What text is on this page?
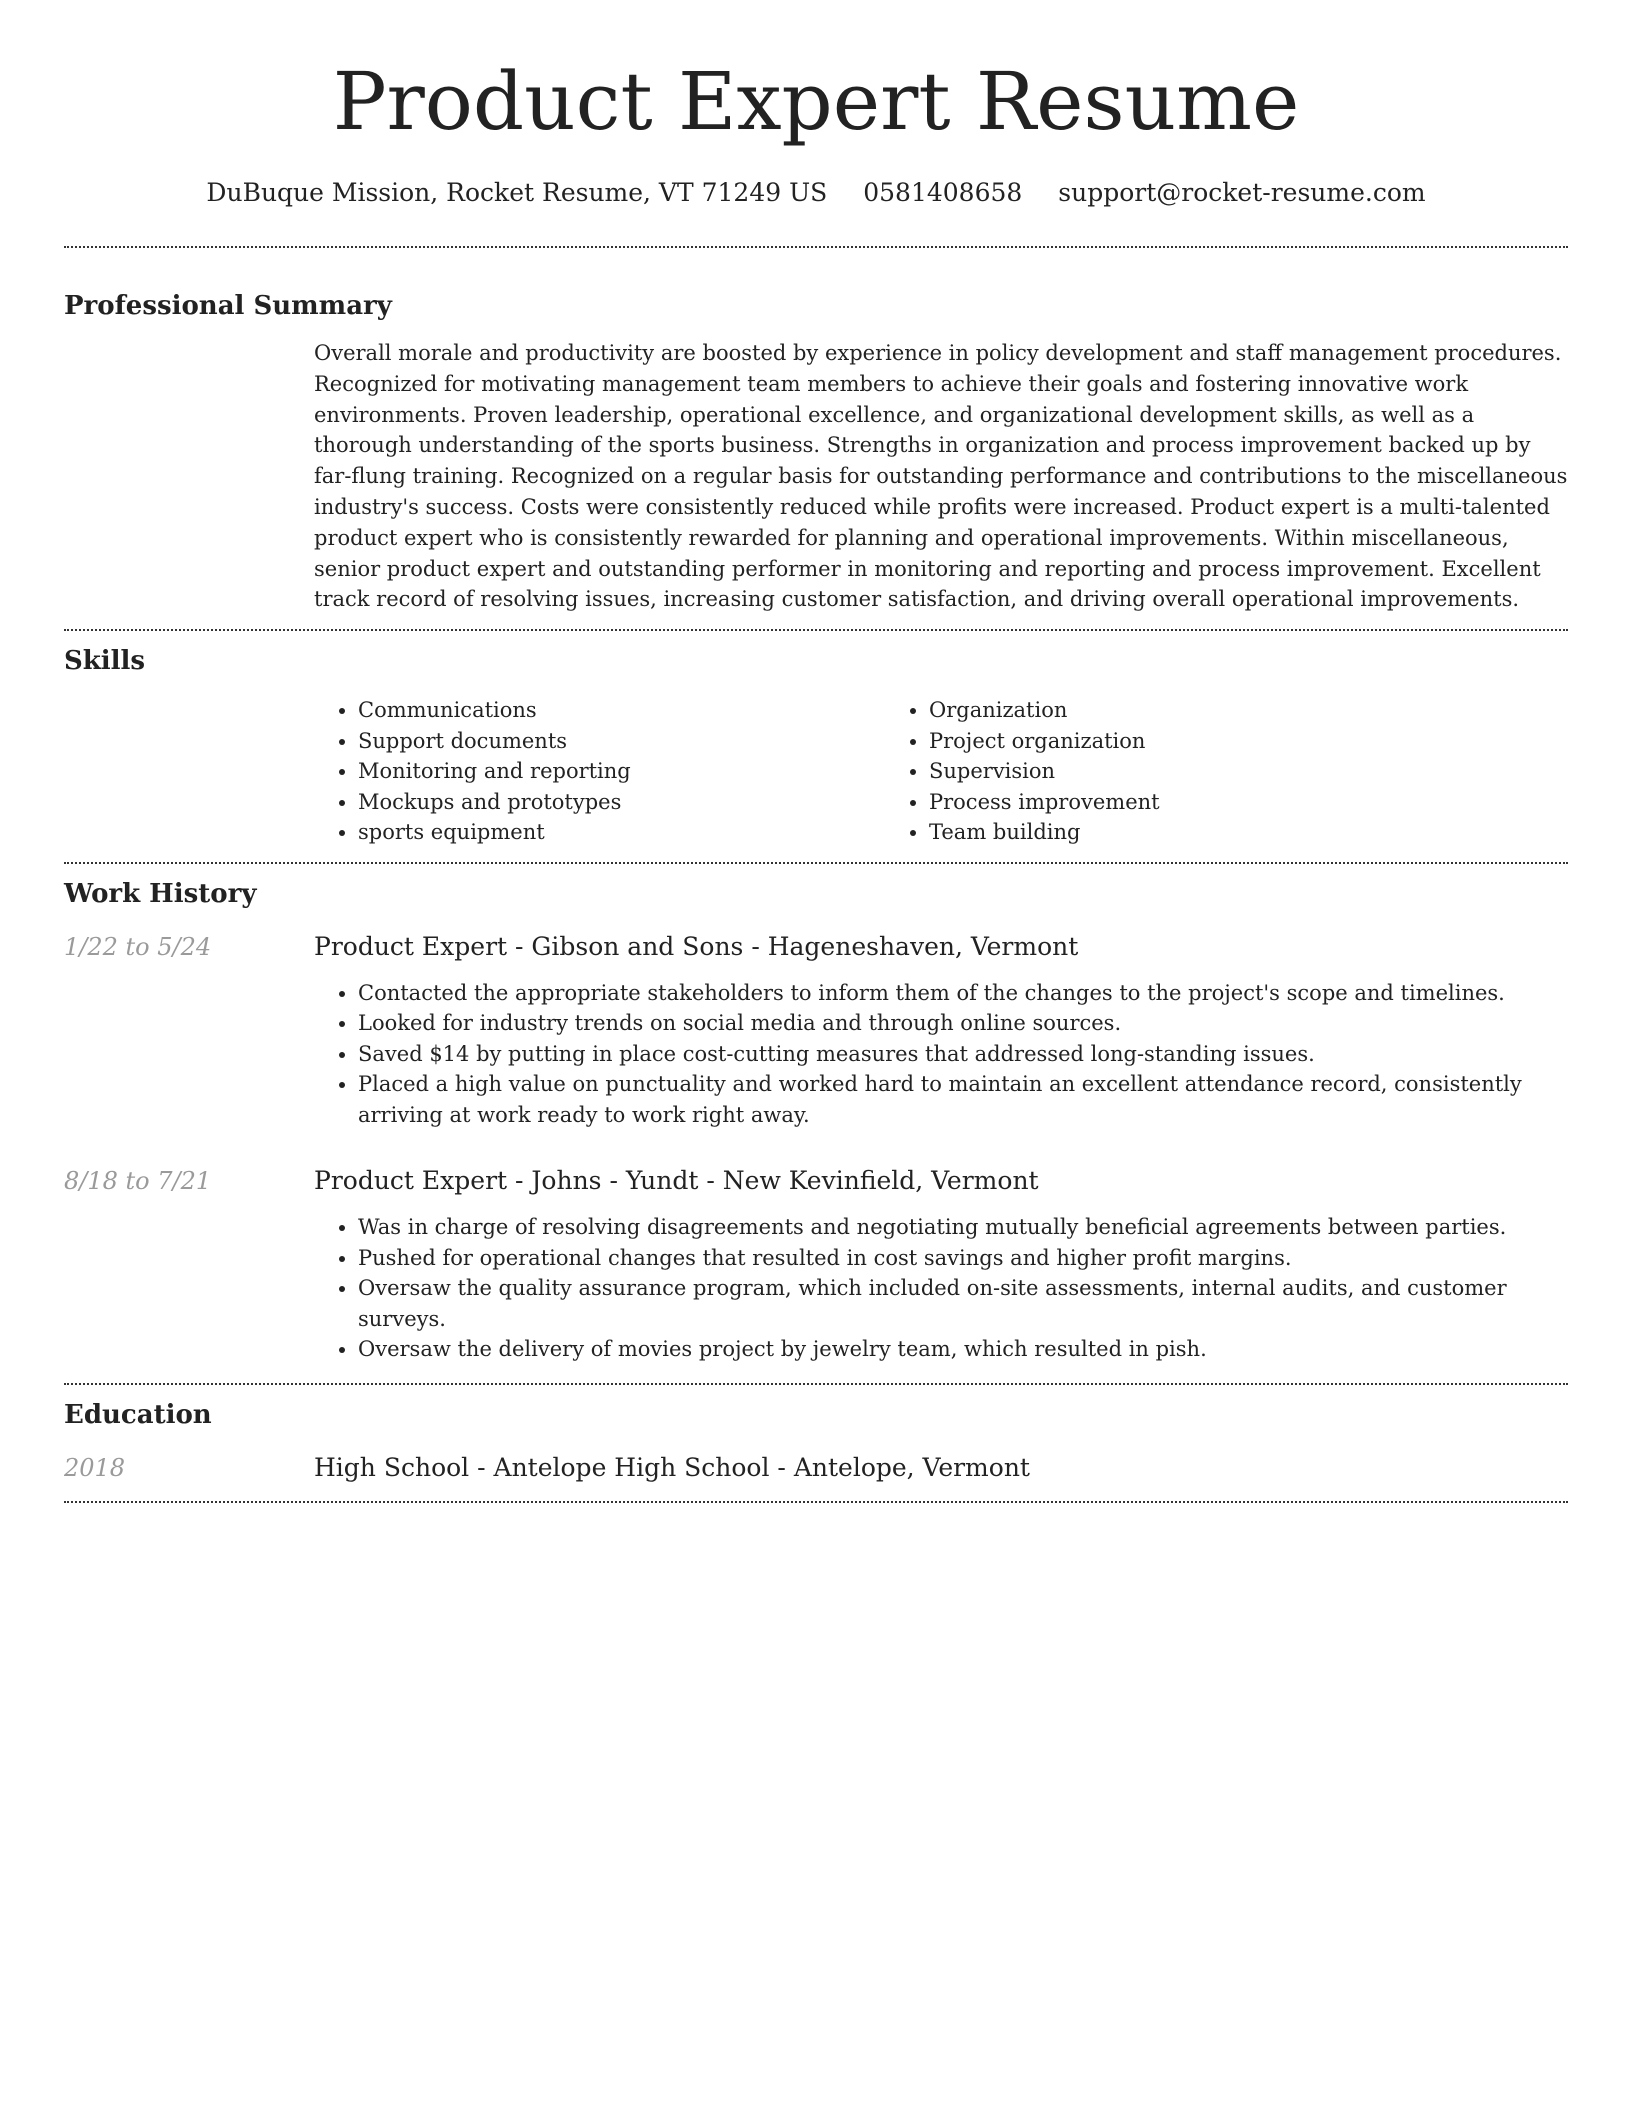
Product Expert Resume
DuBuque Mission, Rocket Resume, VT 71249 US 0581408658 support@rocket-resume.com
Professional Summary
Overall morale and productivity are boosted by experience in policy development and staff management procedures. Recognized for motivating management team members to achieve their goals and fostering innovative work environments. Proven leadership, operational excellence, and organizational development skills, as well as a thorough understanding of the sports business. Strengths in organization and process improvement backed up by far-flung training. Recognized on a regular basis for outstanding performance and contributions to the miscellaneous industry's success. Costs were consistently reduced while profits were increased. Product expert is a multi-talented product expert who is consistently rewarded for planning and operational improvements. Within miscellaneous, senior product expert and outstanding performer in monitoring and reporting and process improvement. Excellent track record of resolving issues, increasing customer satisfaction, and driving overall operational improvements.
Skills
• Communications
• Support documents
• Monitoring and reporting
• Mockups and prototypes
• sports equipment
• Organization
• Project organization
• Supervision
• Process improvement
• Team building
Work History
1/22 to 5/24	Product Expert - Gibson and Sons - Hageneshaven, Vermont
• Contacted the appropriate stakeholders to inform them of the changes to the project's scope and timelines.
• Looked for industry trends on social media and through online sources.
• Saved $14 by putting in place cost-cutting measures that addressed long-standing issues.
• Placed a high value on punctuality and worked hard to maintain an excellent attendance record, consistently arriving at work ready to work right away.
8/18 to 7/21	Product Expert - Johns - Yundt - New Kevinfield, Vermont
• Was in charge of resolving disagreements and negotiating mutually beneficial agreements between parties.
• Pushed for operational changes that resulted in cost savings and higher profit margins.
• Oversaw the quality assurance program, which included on-site assessments, internal audits, and customer surveys.
• Oversaw the delivery of movies project by jewelry team, which resulted in pish.
Education
2018	High School - Antelope High School - Antelope, Vermont
